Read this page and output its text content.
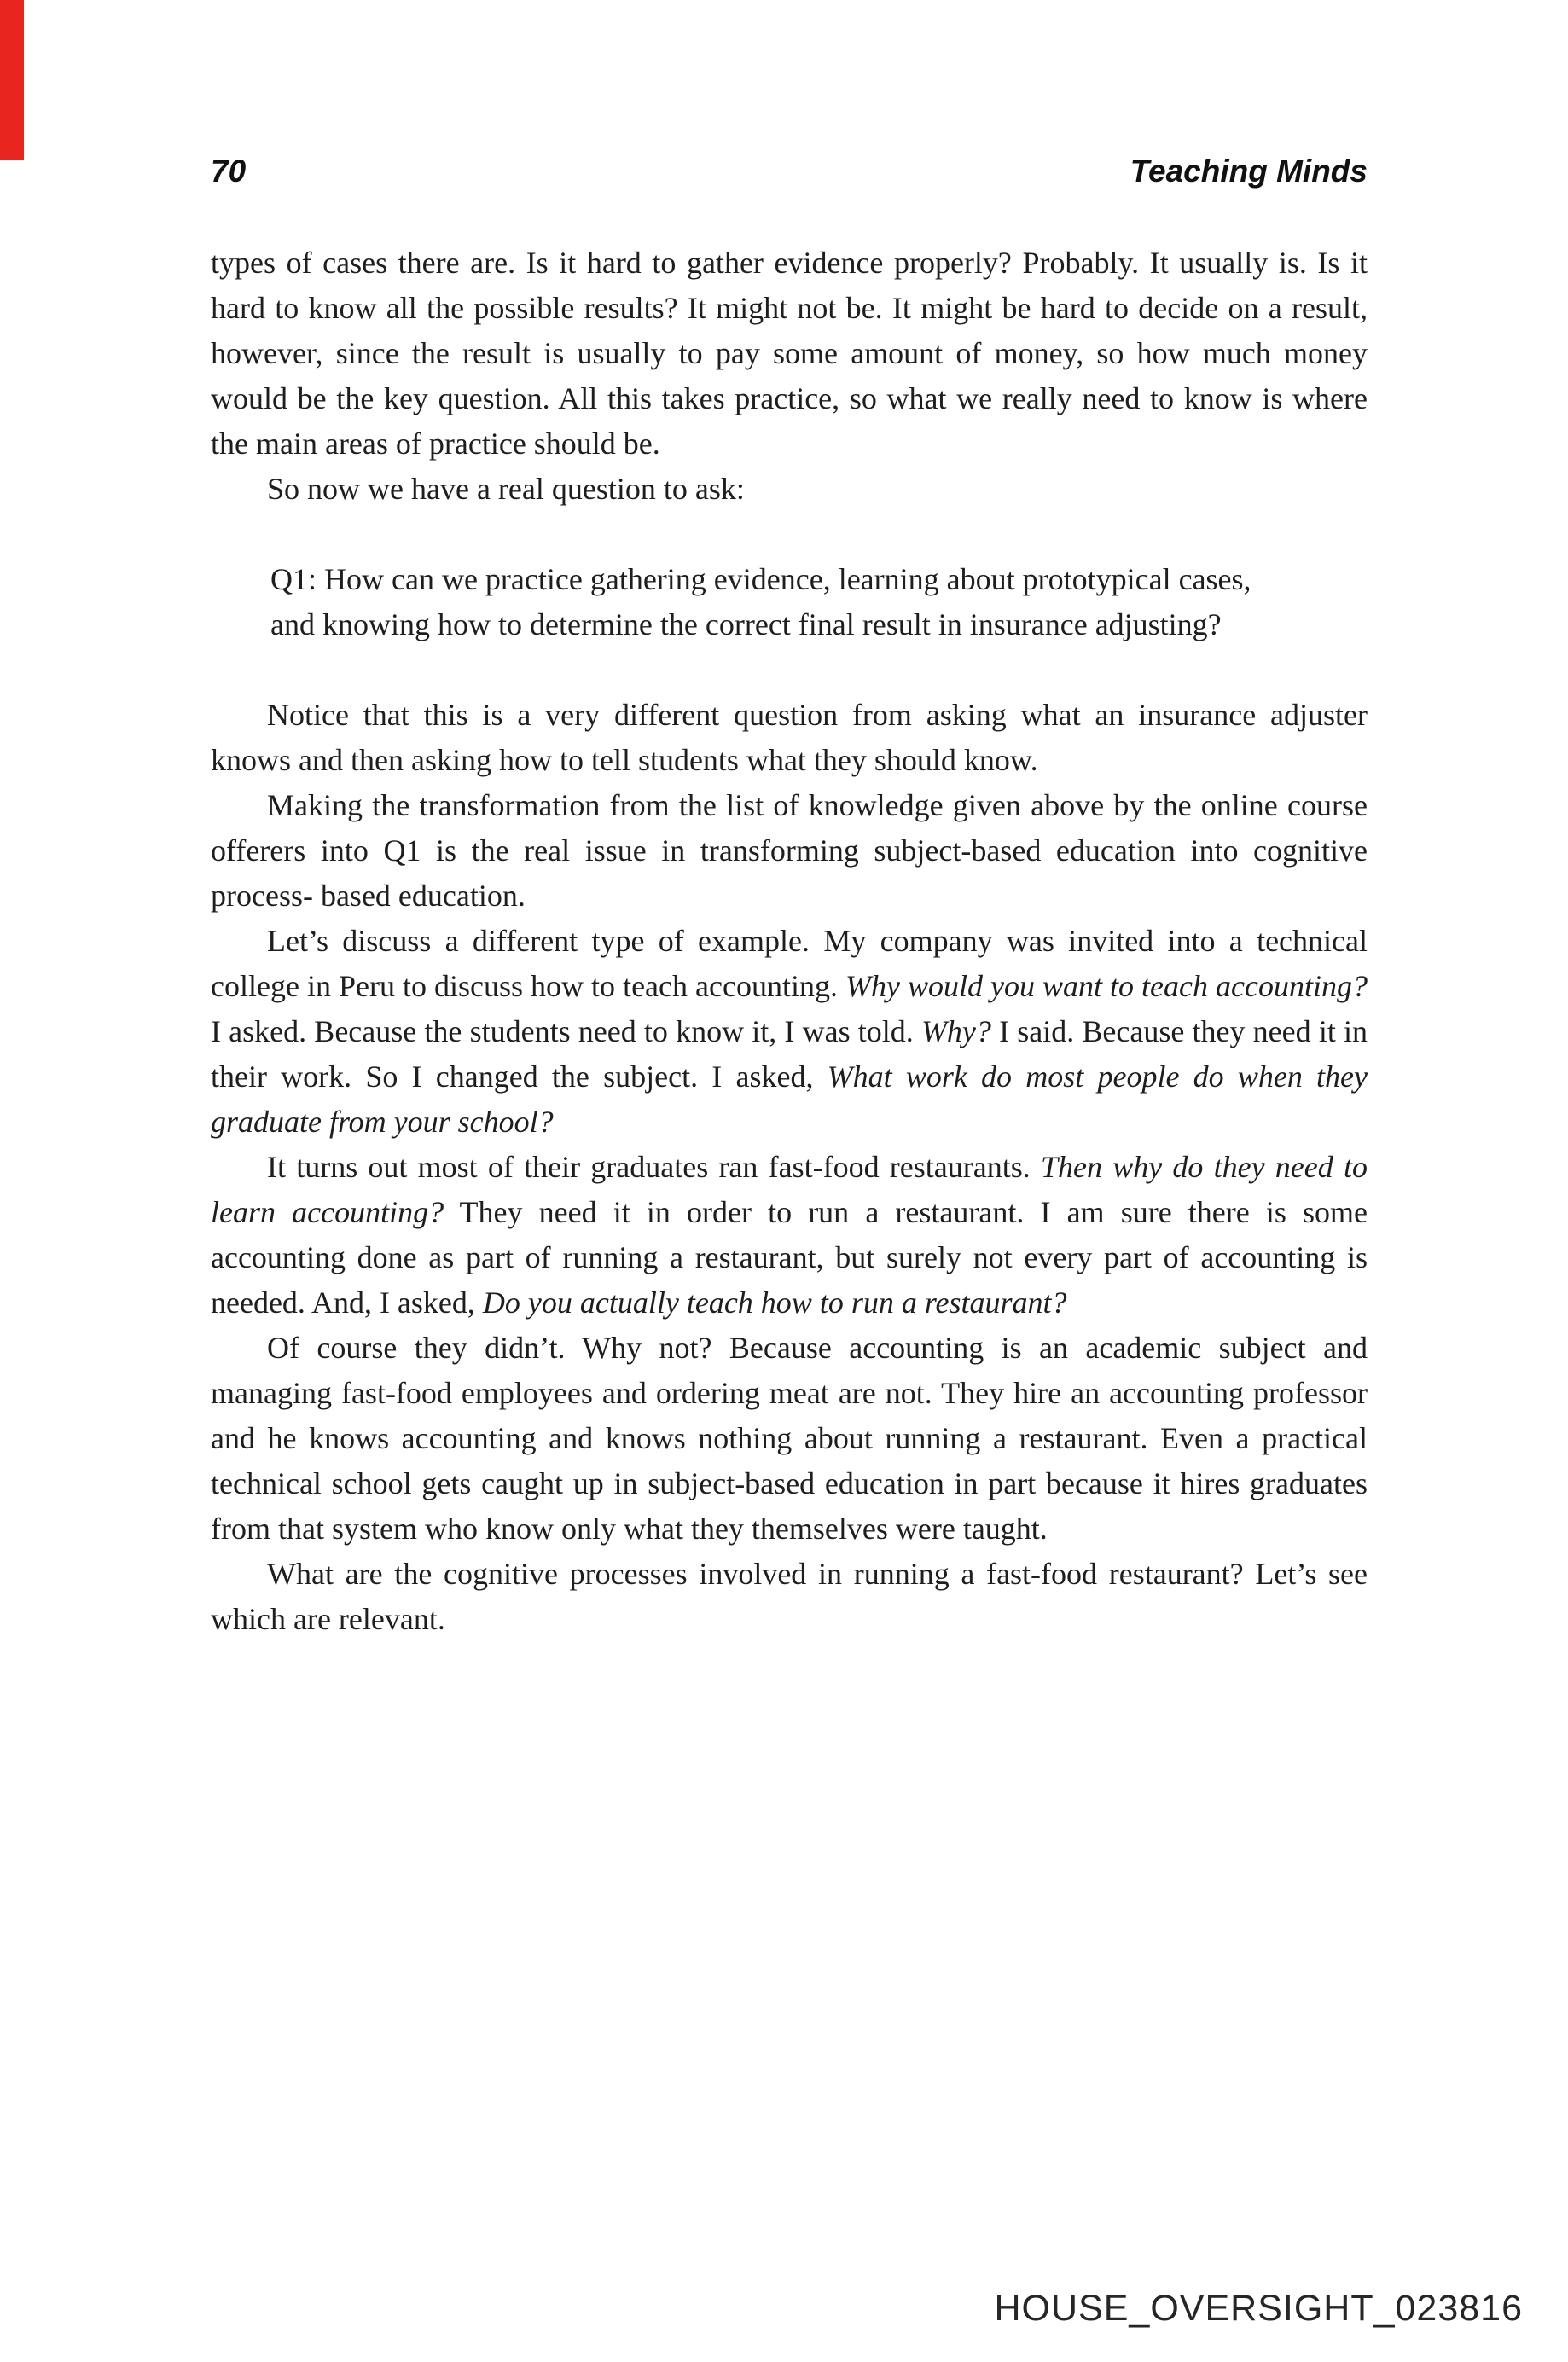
70	Teaching Minds

types of cases there are. Is it hard to gather evidence properly? Probably. It usually is. Is it hard to know all the possible results? It might not be. It might be hard to decide on a result, however, since the result is usually to pay some amount of money, so how much money would be the key question. All this takes practice, so what we really need to know is where the main areas of practice should be.

So now we have a real question to ask:

Q1: How can we practice gathering evidence, learning about prototypical cases, and knowing how to determine the correct final result in insurance adjusting?

Notice that this is a very different question from asking what an insurance adjuster knows and then asking how to tell students what they should know.

Making the transformation from the list of knowledge given above by the online course offerers into Q1 is the real issue in transforming subject-based education into cognitive process- based education.

Let’s discuss a different type of example. My company was invited into a technical college in Peru to discuss how to teach accounting. Why would you want to teach accounting? I asked. Because the students need to know it, I was told. Why? I said. Because they need it in their work. So I changed the subject. I asked, What work do most people do when they graduate from your school?

It turns out most of their graduates ran fast-food restaurants. Then why do they need to learn accounting? They need it in order to run a restaurant. I am sure there is some accounting done as part of running a restaurant, but surely not every part of accounting is needed. And, I asked, Do you actually teach how to run a restaurant?

Of course they didn’t. Why not? Because accounting is an academic subject and managing fast-food employees and ordering meat are not. They hire an accounting professor and he knows accounting and knows nothing about running a restaurant. Even a practical technical school gets caught up in subject-based education in part because it hires graduates from that system who know only what they themselves were taught.

What are the cognitive processes involved in running a fast-food restaurant? Let’s see which are relevant.

HOUSE_OVERSIGHT_023816
